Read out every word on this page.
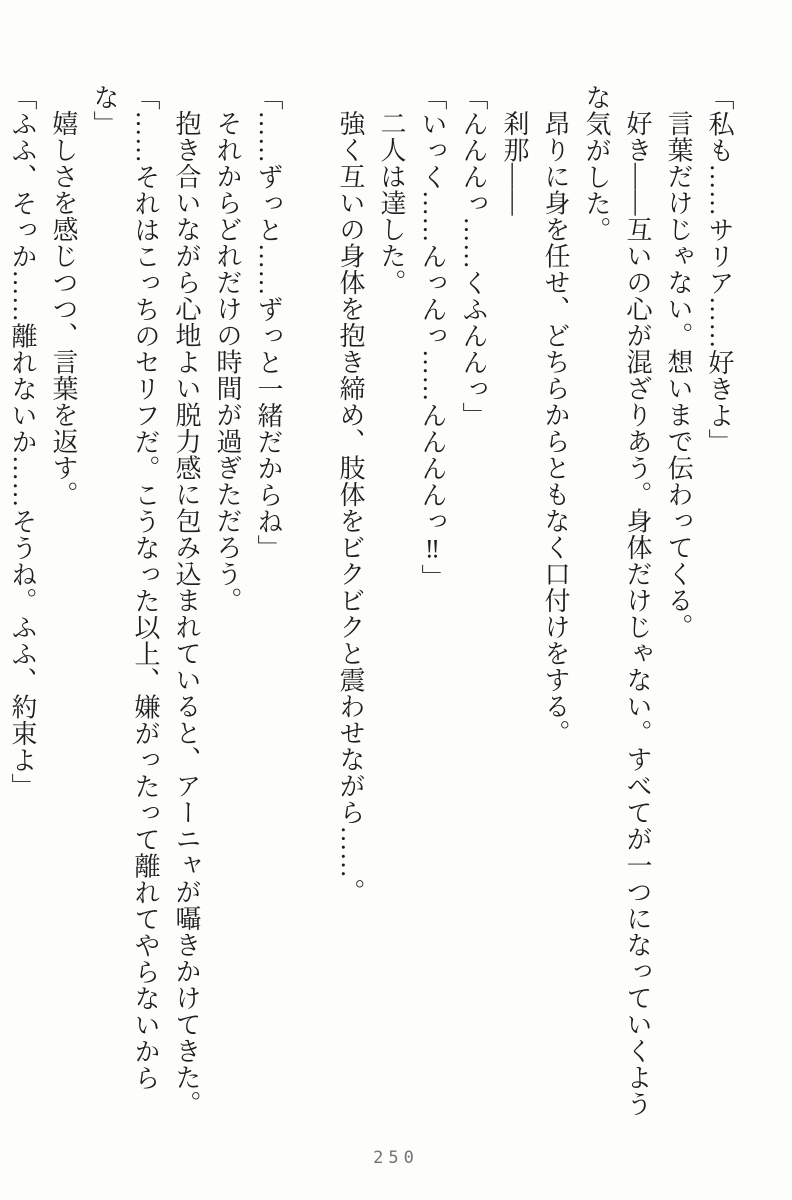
「私も……サリア……好きよ」

言葉だけじゃない。想いまで伝わってくる。

好き——互いの心が混ざりあう。身体だけじゃない。すべてが一つになっていくような気がした。

昂りに身を任せ、どちらからともなく口付けをする。

刹那——

「んんんっ……くふんんっ」

「いっく……んっんっ……んんんんっ‼」

二人は達した。

強く互いの身体を抱き締め、肢体をビクビクと震わせながら……。

「……ずっと……ずっと一緒だからね」

それからどれだけの時間が過ぎただろう。

抱き合いながら心地よい脱力感に包み込まれていると、アーニャが囁きかけてきた。

「……それはこっちのセリフだ。こうなった以上、嫌がったって離れてやらないからな」

嬉しさを感じつつ、言葉を返す。

「ふふ、そっか……離れないか……そうね。ふふ、約束よ」

250
